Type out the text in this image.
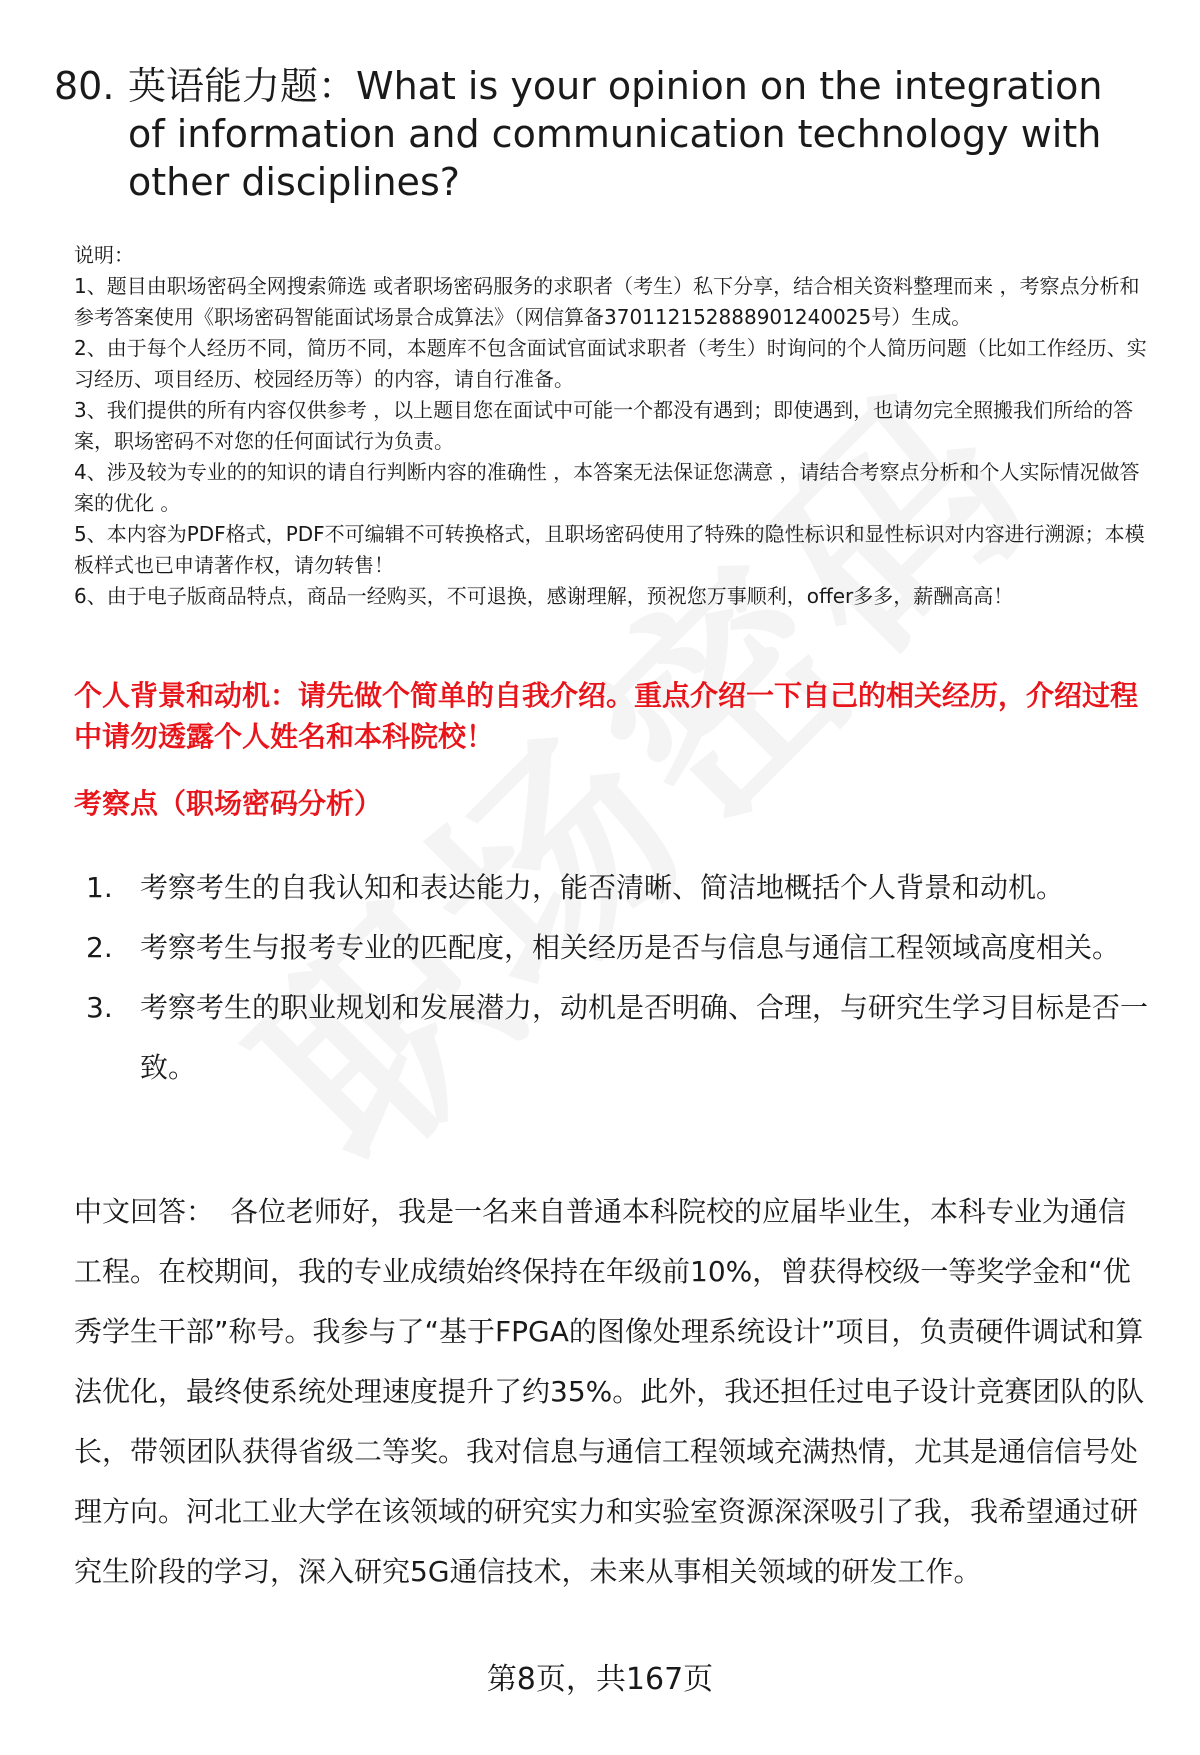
80. 英语能力题：What is your opinion on the integration of information and communication technology with other disciplines?

说明：

1、题目由职场密码全网搜索筛选 或者职场密码服务的求职者（考生）私下分享，结合相关资料整理而来 ，考察点分析和参考答案使用《职场密码智能面试场景合成算法》（网信算备370112152888901240025号）生成。

2、由于每个人经历不同，简历不同，本题库不包含面试官面试求职者（考生）时询问的个人简历问题（比如工作经历、实习经历、项目经历、校园经历等）的内容，请自行准备。

3、我们提供的所有内容仅供参考 ，以上题目您在面试中可能一个都没有遇到；即使遇到，也请勿完全照搬我们所给的答案，职场密码不对您的任何面试行为负责。

4、涉及较为专业的的知识的请自行判断内容的准确性 ，本答案无法保证您满意 ，请结合考察点分析和个人实际情况做答案的优化 。

5、本内容为PDF格式，PDF不可编辑不可转换格式，且职场密码使用了特殊的隐性标识和显性标识对内容进行溯源；本模板样式也已申请著作权，请勿转售！

6、由于电子版商品特点，商品一经购买，不可退换，感谢理解，预祝您万事顺利，offer多多，薪酬高高！

个人背景和动机：请先做个简单的自我介绍。重点介绍一下自己的相关经历，介绍过程中请勿透露个人姓名和本科院校！
考察点（职场密码分析）
1. 考察考生的自我认知和表达能力，能否清晰、简洁地概括个人背景和动机。
2. 考察考生与报考专业的匹配度，相关经历是否与信息与通信工程领域高度相关。
3. 考察考生的职业规划和发展潜力，动机是否明确、合理，与研究生学习目标是否一致。
中文回答： 各位老师好，我是一名来自普通本科院校的应届毕业生，本科专业为通信工程。在校期间，我的专业成绩始终保持在年级前10%，曾获得校级一等奖学金和“优秀学生干部”称号。我参与了“基于FPGA的图像处理系统设计”项目，负责硬件调试和算法优化，最终使系统处理速度提升了约35%。此外，我还担任过电子设计竞赛团队的队长，带领团队获得省级二等奖。我对信息与通信工程领域充满热情，尤其是通信信号处理方向。河北工业大学在该领域的研究实力和实验室资源深深吸引了我，我希望通过研究生阶段的学习，深入研究5G通信技术，未来从事相关领域的研发工作。
第8页，共167页
